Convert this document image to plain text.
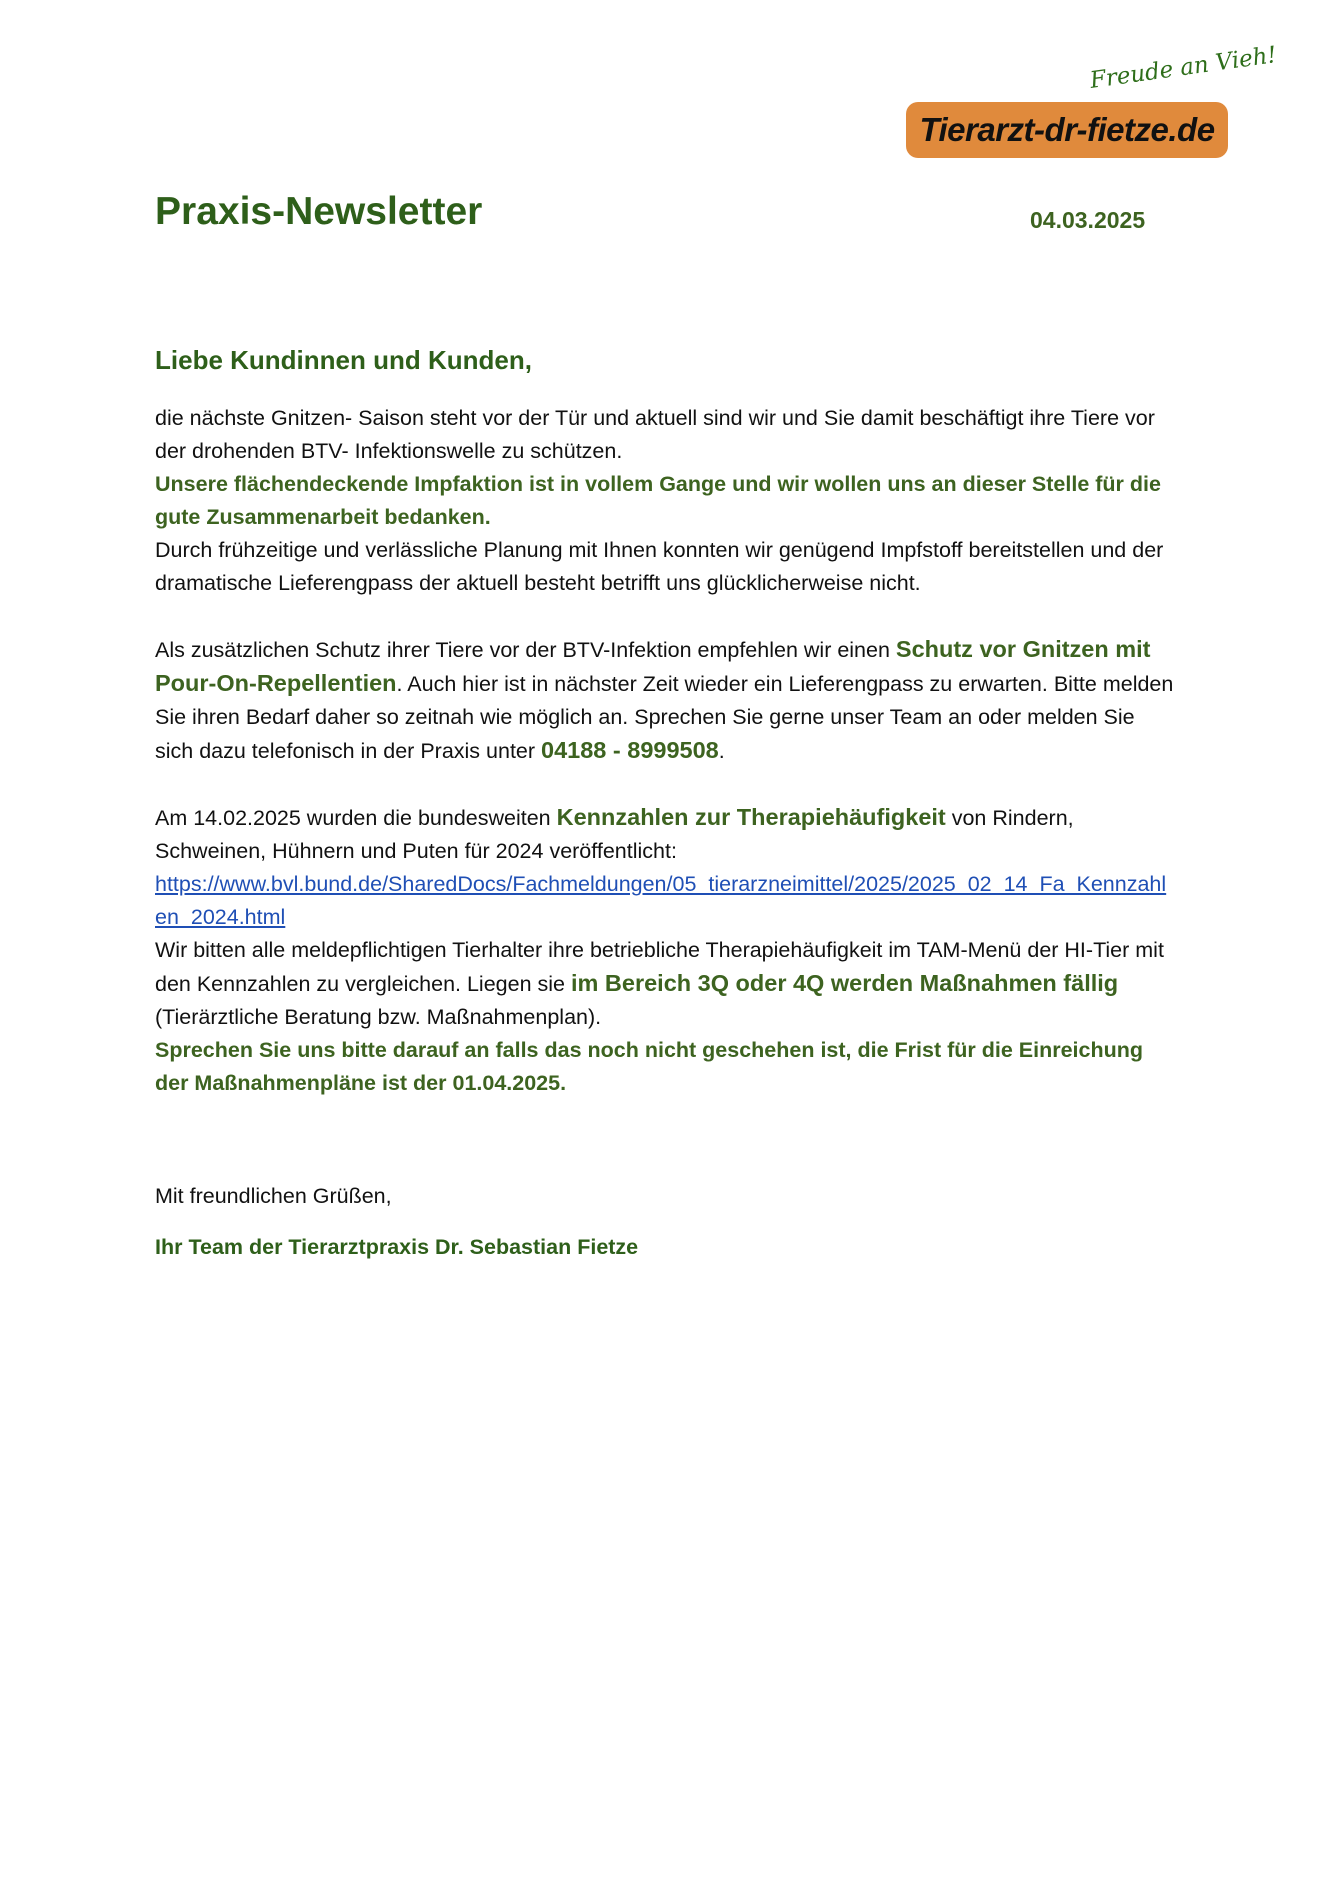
Freude an Vieh!
Tierarzt-dr-fietze.de
Praxis-Newsletter	04.03.2025
Liebe Kundinnen und Kunden,

die nächste Gnitzen- Saison steht vor der Tür und aktuell sind wir und Sie damit beschäftigt ihre Tiere vor der drohenden BTV- Infektionswelle zu schützen.

Unsere flächendeckende Impfaktion ist in vollem Gange und wir wollen uns an dieser Stelle für die gute Zusammenarbeit bedanken.

Durch frühzeitige und verlässliche Planung mit Ihnen konnten wir genügend Impfstoff bereitstellen und der dramatische Lieferengpass der aktuell besteht betrifft uns glücklicherweise nicht.

Als zusätzlichen Schutz ihrer Tiere vor der BTV-Infektion empfehlen wir einen Schutz vor Gnitzen mit Pour-On-Repellentien. Auch hier ist in nächster Zeit wieder ein Lieferengpass zu erwarten. Bitte melden Sie ihren Bedarf daher so zeitnah wie möglich an. Sprechen Sie gerne unser Team an oder melden Sie sich dazu telefonisch in der Praxis unter 04188 - 8999508.

Am 14.02.2025 wurden die bundesweiten Kennzahlen zur Therapiehäufigkeit von Rindern, Schweinen, Hühnern und Puten für 2024 veröffentlicht:
https://www.bvl.bund.de/SharedDocs/Fachmeldungen/05_tierarzneimittel/2025/2025_02_14_Fa_Kennzahlen_2024.html
Wir bitten alle meldepflichtigen Tierhalter ihre betriebliche Therapiehäufigkeit im TAM-Menü der HI-Tier mit den Kennzahlen zu vergleichen. Liegen sie im Bereich 3Q oder 4Q werden Maßnahmen fällig (Tierärztliche Beratung bzw. Maßnahmenplan).

Sprechen Sie uns bitte darauf an falls das noch nicht geschehen ist, die Frist für die Einreichung der Maßnahmenpläne ist der 01.04.2025.

Mit freundlichen Grüßen,

Ihr Team der Tierarztpraxis Dr. Sebastian Fietze
